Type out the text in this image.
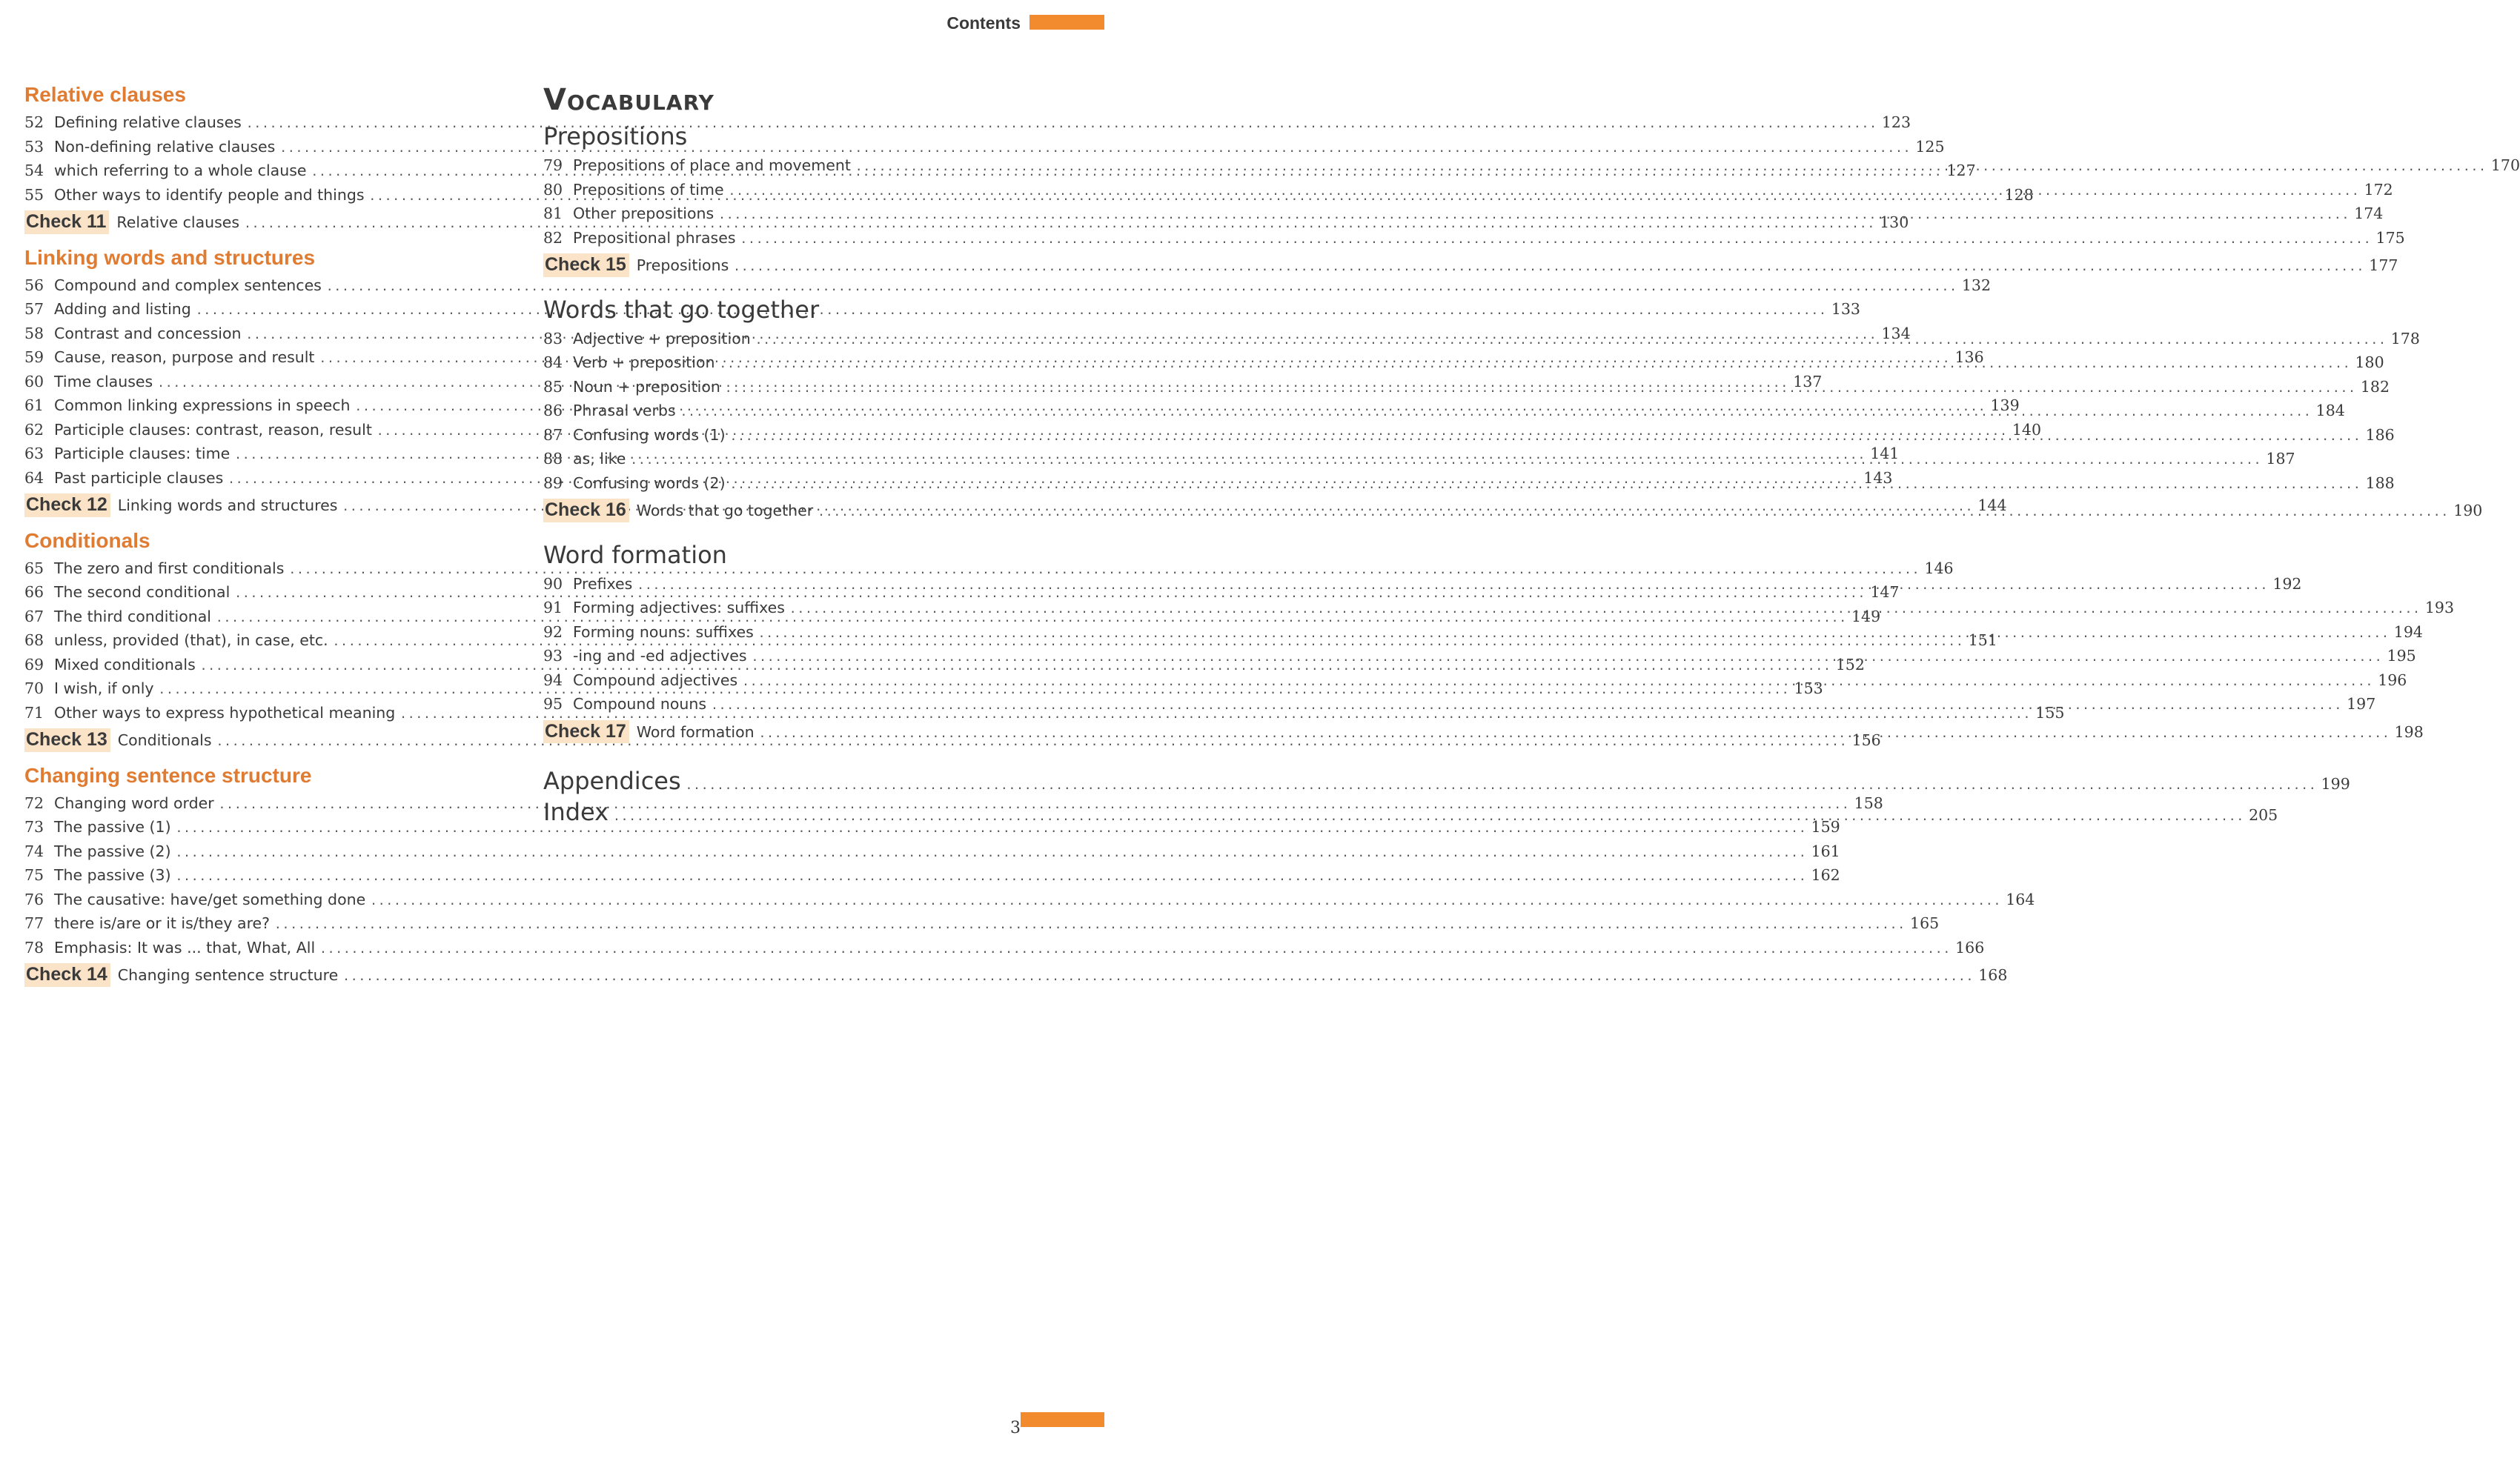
Contents
Relative clauses
52 Defining relative clauses .....	123
53 Non-defining relative clauses .....	125
54 which referring to a whole clause .....	127
55 Other ways to identify people and things .....	128
Check 11 Relative clauses .....	130
Linking words and structures
56 Compound and complex sentences .....	132
57 Adding and listing .....	133
58 Contrast and concession .....	134
59 Cause, reason, purpose and result .....	136
60 Time clauses .....	137
61 Common linking expressions in speech .....	139
62 Participle clauses: contrast, reason, result .....	140
63 Participle clauses: time .....	141
64 Past participle clauses .....	143
Check 12 Linking words and structures .....	144
Conditionals
65 The zero and first conditionals .....	146
66 The second conditional .....	147
67 The third conditional .....	149
68 unless, provided (that), in case, etc. .....	151
69 Mixed conditionals .....	152
70 I wish, if only .....	153
71 Other ways to express hypothetical meaning .....	155
Check 13 Conditionals .....	156
Changing sentence structure
72 Changing word order .....	158
73 The passive (1) .....	159
74 The passive (2) .....	161
75 The passive (3) .....	162
76 The causative: have/get something done .....	164
77 there is/are or it is/they are? .....	165
78 Emphasis: It was ... that, What, All .....	166
Check 14 Changing sentence structure .....	168
Vocabulary
Prepositions
79 Prepositions of place and movement .....	170
80 Prepositions of time .....	172
81 Other prepositions .....	174
82 Prepositional phrases .....	175
Check 15 Prepositions .....	177
Words that go together
83 Adjective + preposition .....	178
84 Verb + preposition .....	180
85 Noun + preposition .....	182
86 Phrasal verbs .....	184
87 Confusing words (1) .....	186
88 as, like .....	187
89 Confusing words (2) .....	188
Check 16 Words that go together .....	190
Word formation
90 Prefixes .....	192
91 Forming adjectives: suffixes .....	193
92 Forming nouns: suffixes .....	194
93 -ing and -ed adjectives .....	195
94 Compound adjectives .....	196
95 Compound nouns .....	197
Check 17 Word formation .....	198
Appendices .....	199
Index .....	205
3
